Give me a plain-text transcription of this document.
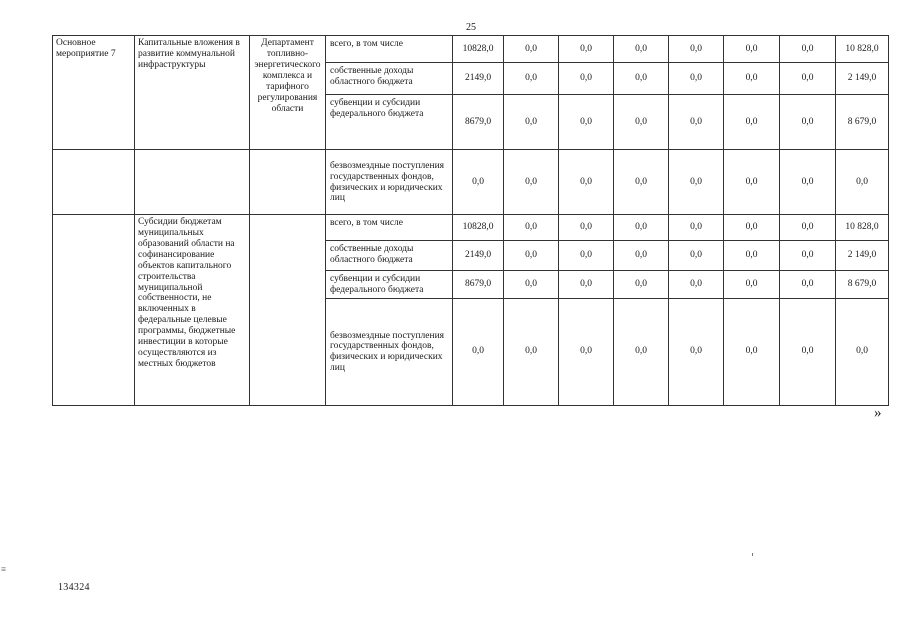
25
Основное мероприятие 7	Капитальные вложения в развитие коммунальной инфраструктуры	Департамент топливно-энергетического комплекса и тарифного регулирования области	всего, в том числе	10828,0	0,0	0,0	0,0	0,0	0,0	0,0	10 828,0
			собственные доходы областного бюджета	2149,0	0,0	0,0	0,0	0,0	0,0	0,0	2 149,0
			субвенции и субсидии федерального бюджета	8679,0	0,0	0,0	0,0	0,0	0,0	0,0	8 679,0
			безвозмездные поступления государственных фондов, физических и юридических лиц	0,0	0,0	0,0	0,0	0,0	0,0	0,0	0,0
	Субсидии бюджетам муниципальных образований области на софинансирование объектов капитального строительства муниципальной собственности, не включенных в федеральные целевые программы, бюджетные инвестиции в которые осуществляются из местных бюджетов		всего, в том числе	10828,0	0,0	0,0	0,0	0,0	0,0	0,0	10 828,0
			собственные доходы областного бюджета	2149,0	0,0	0,0	0,0	0,0	0,0	0,0	2 149,0
			субвенции и субсидии федерального бюджета	8679,0	0,0	0,0	0,0	0,0	0,0	0,0	8 679,0
			безвозмездные поступления государственных фондов, физических и юридических лиц	0,0	0,0	0,0	0,0	0,0	0,0	0,0	0,0
»
134324
≡
